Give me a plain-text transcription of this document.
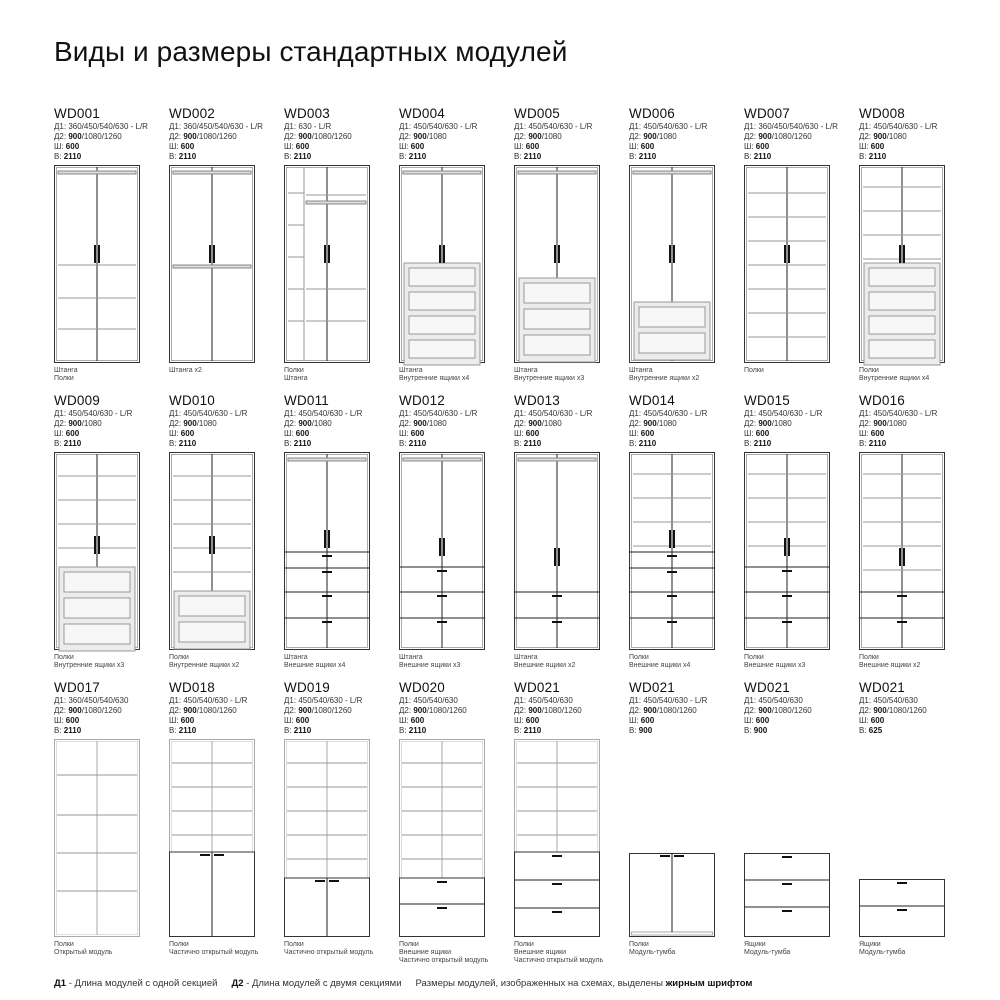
Виды и размеры стандартных модулей
WD001
Д1: 360/450/540/630 - L/R
Д2: 900/1080/1260
Ш: 600
В: 2110
Штанга
Полки
WD002
Д1: 360/450/540/630 - L/R
Д2: 900/1080/1260
Ш: 600
В: 2110
Штанга х2
WD003
Д1: 630 - L/R
Д2: 900/1080/1260
Ш: 600
В: 2110
Полки
Штанга
WD004
Д1: 450/540/630 - L/R
Д2: 900/1080
Ш: 600
В: 2110
Штанга
Внутренние ящики х4
WD005
Д1: 450/540/630 - L/R
Д2: 900/1080
Ш: 600
В: 2110
Штанга
Внутренние ящики х3
WD006
Д1: 450/540/630 - L/R
Д2: 900/1080
Ш: 600
В: 2110
Штанга
Внутренние ящики х2
WD007
Д1: 360/450/540/630 - L/R
Д2: 900/1080/1260
Ш: 600
В: 2110
Полки
WD008
Д1: 450/540/630 - L/R
Д2: 900/1080
Ш: 600
В: 2110
Полки
Внутренние ящики х4
WD009
Д1: 450/540/630 - L/R
Д2: 900/1080
Ш: 600
В: 2110
Полки
Внутренние ящики х3
WD010
Д1: 450/540/630 - L/R
Д2: 900/1080
Ш: 600
В: 2110
Полки
Внутренние ящики х2
WD011
Д1: 450/540/630 - L/R
Д2: 900/1080
Ш: 600
В: 2110
Штанга
Внешние ящики х4
WD012
Д1: 450/540/630 - L/R
Д2: 900/1080
Ш: 600
В: 2110
Штанга
Внешние ящики х3
WD013
Д1: 450/540/630 - L/R
Д2: 900/1080
Ш: 600
В: 2110
Штанга
Внешние ящики х2
WD014
Д1: 450/540/630 - L/R
Д2: 900/1080
Ш: 600
В: 2110
Полки
Внешние ящики х4
WD015
Д1: 450/540/630 - L/R
Д2: 900/1080
Ш: 600
В: 2110
Полки
Внешние ящики х3
WD016
Д1: 450/540/630 - L/R
Д2: 900/1080
Ш: 600
В: 2110
Полки
Внешние ящики х2
WD017
Д1: 360/450/540/630
Д2: 900/1080/1260
Ш: 600
В: 2110
Полки
Открытый модуль
WD018
Д1: 450/540/630 - L/R
Д2: 900/1080/1260
Ш: 600
В: 2110
Полки
Частично открытый модуль
WD019
Д1: 450/540/630 - L/R
Д2: 900/1080/1260
Ш: 600
В: 2110
Полки
Частично открытый модуль
WD020
Д1: 450/540/630
Д2: 900/1080/1260
Ш: 600
В: 2110
Полки
Внешние ящики
Частично открытый модуль
WD021
Д1: 450/540/630
Д2: 900/1080/1260
Ш: 600
В: 2110
Полки
Внешние ящики
Частично открытый модуль
WD021
Д1: 450/540/630 - L/R
Д2: 900/1080/1260
Ш: 600
В: 900
Полки
Модуль-тумба
WD021
Д1: 450/540/630
Д2: 900/1080/1260
Ш: 600
В: 900
Ящики
Модуль-тумба
WD021
Д1: 450/540/630
Д2: 900/1080/1260
Ш: 600
В: 625
Ящики
Модуль-тумба
Д1 - Длина модулей с одной секцией Д2 - Длина модулей с двумя секциями Размеры модулей, изображенных на схемах, выделены жирным шрифтом
